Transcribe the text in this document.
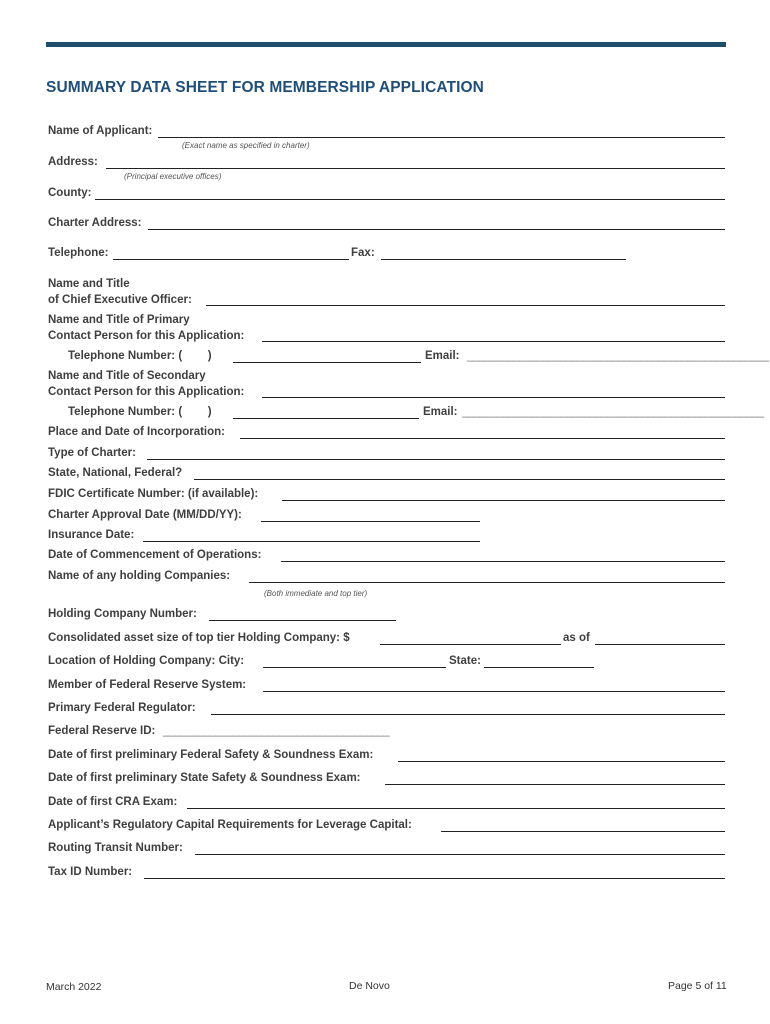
SUMMARY DATA SHEET FOR MEMBERSHIP APPLICATION
Name of Applicant:
(Exact name as specified in charter)
Address:
(Principal executive offices)
County:
Charter Address:
Telephone:	Fax:
Name and Title
of Chief Executive Officer:
Name and Title of Primary
Contact Person for this Application:
Telephone Number: (        )	Email: ____________________________________________________
Name and Title of Secondary
Contact Person for this Application:
Telephone Number: (        )	Email: ____________________________________________________
Place and Date of Incorporation:
Type of Charter:
State, National, Federal?
FDIC Certificate Number: (if available):
Charter Approval Date (MM/DD/YY):
Insurance Date:
Date of Commencement of Operations:
Name of any holding Companies:
(Both immediate and top tier)
Holding Company Number:
Consolidated asset size of top tier Holding Company: $	as of
Location of Holding Company: City:	State:
Member of Federal Reserve System:
Primary Federal Regulator:
Federal Reserve ID: _______________________________________
Date of first preliminary Federal Safety & Soundness Exam:
Date of first preliminary State Safety & Soundness Exam:
Date of first CRA Exam:
Applicant’s Regulatory Capital Requirements for Leverage Capital:
Routing Transit Number:
Tax ID Number:
March 2022	De Novo	Page 5 of 11
